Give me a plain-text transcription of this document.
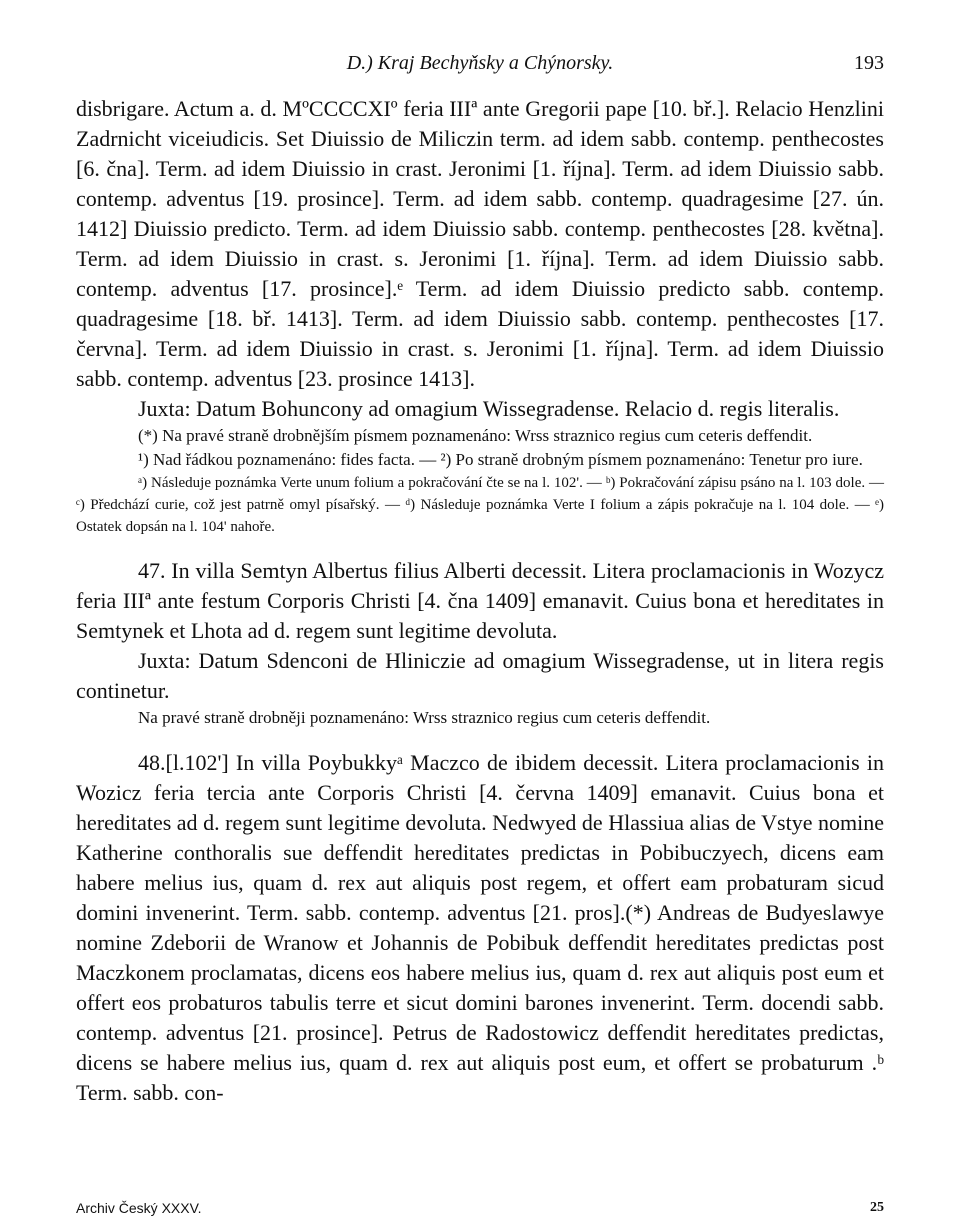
D.) Kraj Bechyňsky a Chýnorsky.	193

disbrigare. Actum a. d. MºCCCCXIº feria IIIª ante Gregorii pape [10. bř.]. Relacio Henzlini Zadrnicht viceiudicis. Set Diuissio de Miliczin term. ad idem sabb. contemp. penthecostes [6. čna]. Term. ad idem Diuissio in crast. Jeronimi [1. října]. Term. ad idem Diuissio sabb. contemp. adventus [19. prosince]. Term. ad idem sabb. contemp. quadragesime [27. ún. 1412] Diuissio predicto. Term. ad idem Diuissio sabb. contemp. penthecostes [28. května]. Term. ad idem Diuissio in crast. s. Jeronimi [1. října]. Term. ad idem Diuissio sabb. contemp. adventus [17. prosince].ᵉ Term. ad idem Diuissio predicto sabb. contemp. quadragesime [18. bř. 1413]. Term. ad idem Diuissio sabb. contemp. penthecostes [17. června]. Term. ad idem Diuissio in crast. s. Jeronimi [1. října]. Term. ad idem Diuissio sabb. contemp. adventus [23. prosince 1413].

Juxta: Datum Bohuncony ad omagium Wissegradense. Relacio d. regis literalis.

(*) Na pravé straně drobnějším písmem poznamenáno: Wrss straznico regius cum ceteris deffendit.

¹) Nad řádkou poznamenáno: fides facta. — ²) Po straně drobným písmem poznamenáno: Tenetur pro iure.

ᵃ) Následuje poznámka Verte unum folium a pokračování čte se na l. 102'. — ᵇ) Pokračování zápisu psáno na l. 103 dole. — ᶜ) Předchází curie, což jest patrně omyl písařský. — ᵈ) Následuje poznámka Verte I folium a zápis pokračuje na l. 104 dole. — ᵉ) Ostatek dopsán na l. 104' nahoře.

47. In villa Semtyn Albertus filius Alberti decessit. Litera proclamacionis in Wozycz feria IIIª ante festum Corporis Christi [4. čna 1409] emanavit. Cuius bona et hereditates in Semtynek et Lhota ad d. regem sunt legitime devoluta.

Juxta: Datum Sdenconi de Hliniczie ad omagium Wissegradense, ut in litera regis continetur.

Na pravé straně drobněji poznamenáno: Wrss straznico regius cum ceteris deffendit.

48.[l.102'] In villa Poybukkyᵃ Maczco de ibidem decessit. Litera proclamacionis in Wozicz feria tercia ante Corporis Christi [4. června 1409] emanavit. Cuius bona et hereditates ad d. regem sunt legitime devoluta. Nedwyed de Hlassiua alias de Vstye nomine Katherine conthoralis sue deffendit hereditates predictas in Pobibuczyech, dicens eam habere melius ius, quam d. rex aut aliquis post regem, et offert eam probaturam sicud domini invenerint. Term. sabb. contemp. adventus [21. pros].(*) Andreas de Budyeslawye nomine Zdeborii de Wranow et Johannis de Pobibuk deffendit hereditates predictas post Maczkonem proclamatas, dicens eos habere melius ius, quam d. rex aut aliquis post eum et offert eos probaturos tabulis terre et sicut domini barones invenerint. Term. docendi sabb. contemp. adventus [21. prosince]. Petrus de Radostowicz deffendit hereditates predictas, dicens se habere melius ius, quam d. rex aut aliquis post eum, et offert se probaturum .ᵇ Term. sabb. con-

Archiv Český XXXV.	25
